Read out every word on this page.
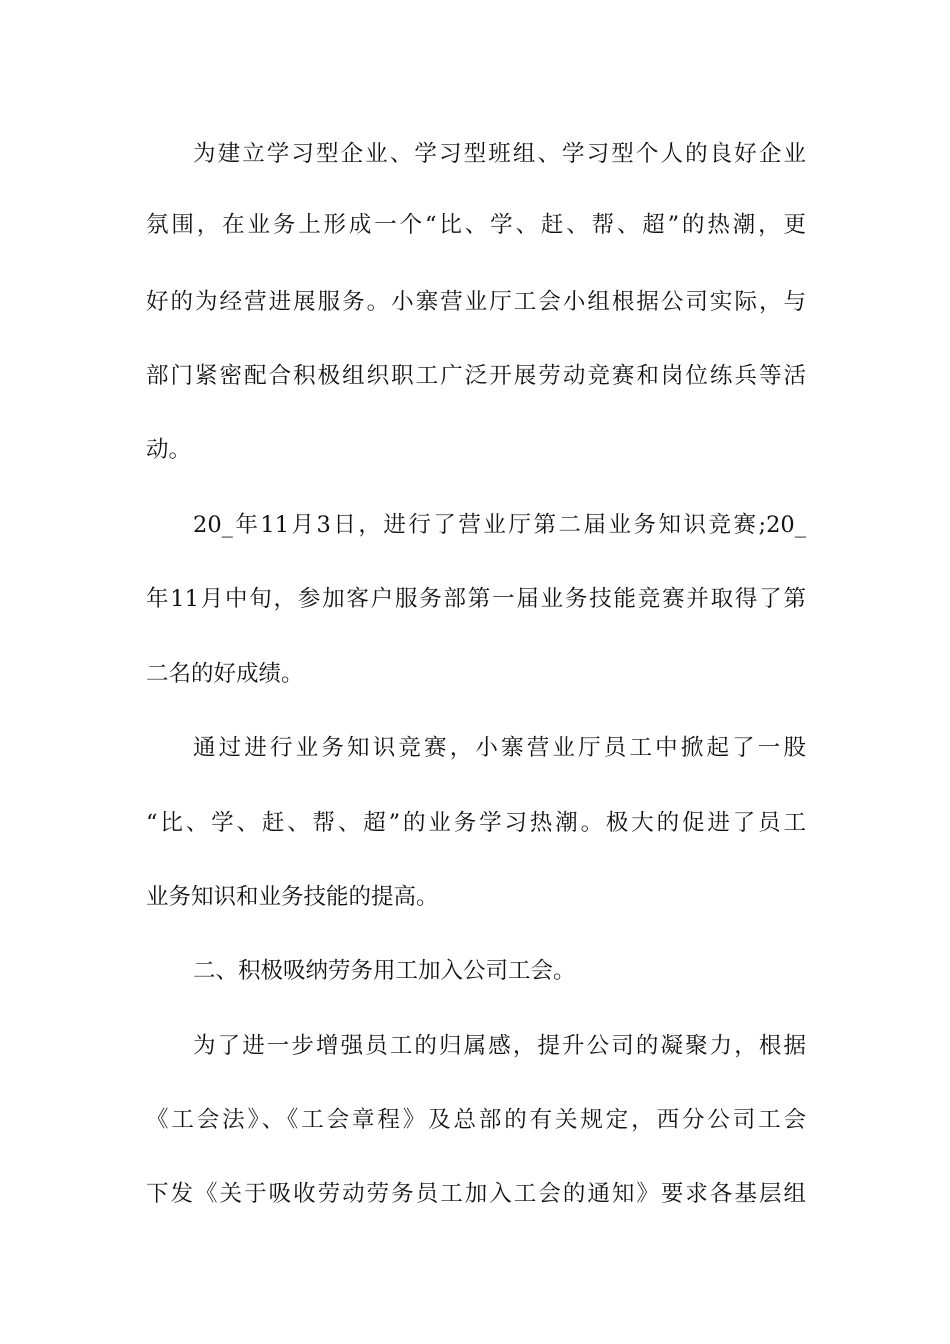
为建立学习型企业、学习型班组、学习型个人的良好企业
氛围，在业务上形成一个“比、学、赶、帮、超”的热潮，更
好的为经营进展服务。小寨营业厅工会小组根据公司实际，与
部门紧密配合积极组织职工广泛开展劳动竞赛和岗位练兵等活
动。
20_年11月3日，进行了营业厅第二届业务知识竞赛;20_
年11月中旬，参加客户服务部第一届业务技能竞赛并取得了第
二名的好成绩。
通过进行业务知识竞赛，小寨营业厅员工中掀起了一股
“比、学、赶、帮、超”的业务学习热潮。极大的促进了员工
业务知识和业务技能的提高。
二、积极吸纳劳务用工加入公司工会。
为了进一步增强员工的归属感，提升公司的凝聚力，根据
《工会法》、《工会章程》及总部的有关规定，西分公司工会
下发《关于吸收劳动劳务员工加入工会的通知》要求各基层组
